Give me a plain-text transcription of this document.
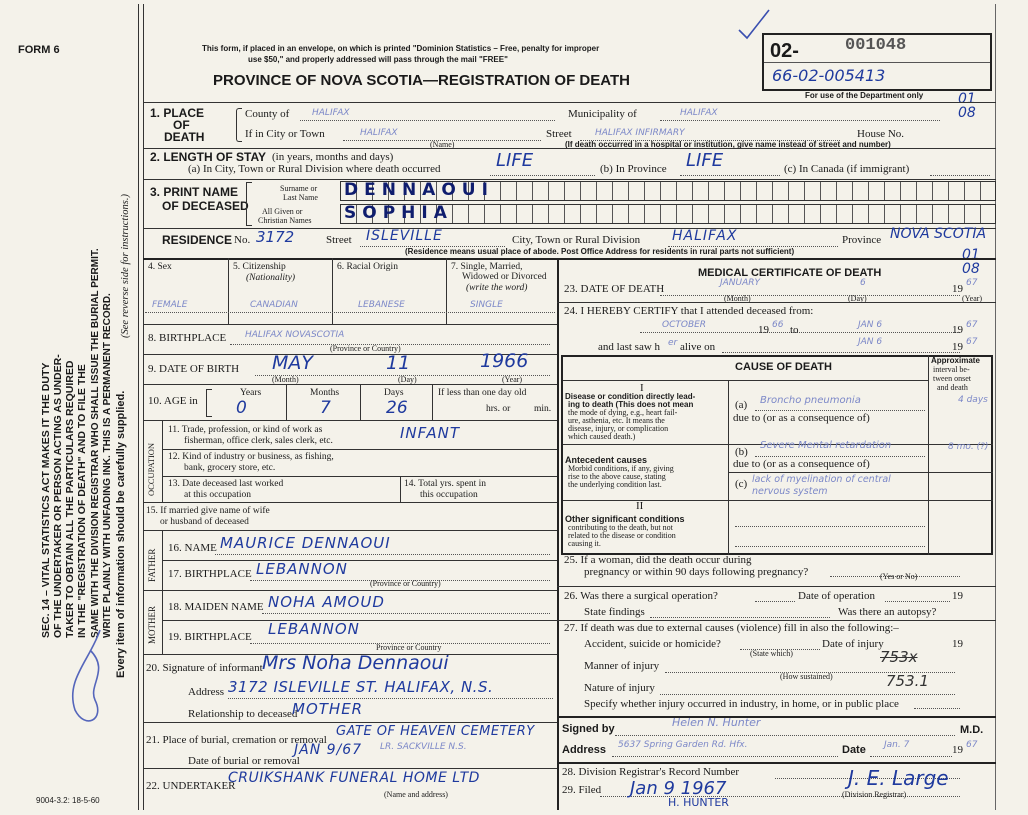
FORM 6	This form, if placed in an envelope, on which is printed "Dominion Statistics – Free, penalty for improper
use $50," and properly addressed will pass through the mail "FREE"
PROVINCE OF NOVA SCOTIA—REGISTRATION OF DEATH
02-	001048
66-02-005413
For use of the Department only 01 08
01 08
SEC. 14 – VITAL STATISTICS ACT MAKES IT THE DUTY OF THE UNDERTAKER OR PERSON ACTING AS UNDER- TAKER TO OBTAIN ALL THE PARTICULARS REQUIRED IN THE "REGISTRATION OF DEATH" AND TO FILE THE SAME WITH THE DIVISION REGISTRAR WHO SHALL ISSUE THE BURIAL PERMIT. WRITE PLAINLY WITH UNFADING INK. THIS IS A PERMANENT RECORD. Every item of information should be carefully supplied.
(See reverse side for instructions.)
1. PLACE
OF
DEATH
County of	HALIFAX	Municipality of	HALIFAX
If in City or Town	HALIFAX
(Name)
Street	HALIFAX INFIRMARY	House No.
(If death occurred in a hospital or institution, give name instead of street and number)
2. LENGTH OF STAY (in years, months and days)
(a) In City, Town or Rural Division where death occurred	LIFE	(b) In Province LIFE	(c) In Canada (if immigrant)
3. PRINT NAME
OF DECEASED
Surname or
Last Name
All Given or
Christian Names
DENNAOUI
SOPHIA
RESIDENCE No. 3172	Street ISLEVILLE	City, Town or Rural Division HALIFAX	Province NOVA SCOTIA
(Residence means usual place of abode. Post Office Address for residents in rural parts not sufficient)
4. Sex	5. Citizenship
(Nationality)
6. Racial Origin	7. Single, Married,
Widowed or Divorced
(write the word)
FEMALE	CANADIAN	LEBANESE	SINGLE
8. BIRTHPLACE HALIFAX NOVASCOTIA
(Province or Country)
9. DATE OF BIRTH MAY	11	1966
(Month)	(Day)	(Year)
10. AGE in
Years	Months	Days
0	7	26
If less than one day old
hrs. or          min.
OCCUPATION
11. Trade, profession, or kind of work as
fisherman, office clerk, sales clerk, etc.	INFANT
12. Kind of industry or business, as fishing,
bank, grocery store, etc.
13. Date deceased last worked
at this occupation
14. Total yrs. spent in
this occupation
15. If married give name of wife
or husband of deceased
FATHER
16. NAME MAURICE DENNAOUI
17. BIRTHPLACE LEBANNON
(Province or Country)
MOTHER 18. MAIDEN NAME NOHA AMOUD
19. BIRTHPLACE LEBANNON
Province or Country
20. Signature of informant Mrs Noha Dennaoui
Address 3172 ISLEVILLE ST. HALIFAX, N.S.
Relationship to deceased
MOTHER
21. Place of burial, cremation or removal
GATE OF HEAVEN CEMETERY
Date of burial or removal
JAN 9/67 LR. SACKVILLE N.S.
22. UNDERTAKER
CRUIKSHANK FUNERAL HOME LTD
(Name and address)
9004-3.2: 18-5-60
MEDICAL CERTIFICATE OF DEATH
23. DATE OF DEATH	JANUARY	6	19 67
(Month)	(Day)	(Year)
24. I HEREBY CERTIFY that I attended deceased from:
OCTOBER	19 66 to	JAN 6	19 67
and last saw h er alive on	JAN 6	19 67
CAUSE OF DEATH
Approximate
interval be-
tween onset
and death
I
Disease or condition directly lead-
ing to death (This does not mean
the mode of dying, e.g., heart fail-
ure, asthenia, etc. It means the
disease, injury, or complication
which caused death.)
(a) Broncho pneumonia	4 days
due to (or as a consequence of)
Antecedent causes
Morbid conditions, if any, giving
rise to the above cause, stating
the underlying condition last.
(b)
Severe Mental retardation	8 mo. (?)
due to (or as a consequence of)
(c) lack of myelination of central nervous system
II
Other significant conditions
contributing to the death, but not
related to the disease or condition
causing it.
25. If a woman, did the death occur during
pregnancy or within 90 days following pregnancy?	(Yes or No)
26. Was there a surgical operation?	Date of operation	19
State findings	Was there an autopsy?
27. If death was due to external causes (violence) fill in also the following:–
Accident, suicide or homicide?
(State which)
Date of injury	19
Manner of injury	753x
(How sustained)
Nature of injury	753.1
Specify whether injury occurred in industry, in home, or in public place
Signed by	Helen N. Hunter
M.D.
Address 5637 Spring Garden Rd. Hfx.	Date Jan. 7	19 67
28. Division Registrar's Record Number
29. Filed Jan 9 1967	J. E. Large
(Division Registrar)
H. HUNTER
